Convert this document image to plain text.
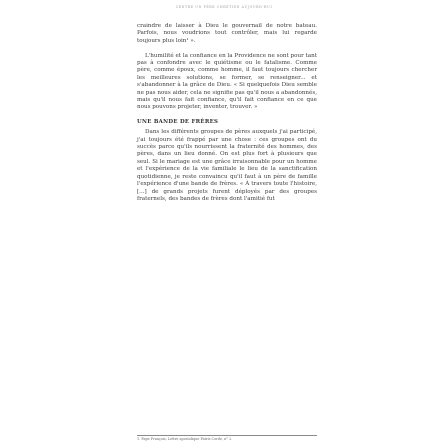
CENTRE UN PÈRE CHRÉTIEN AUJOURD'HUI

craindre de laisser à Dieu le gouvernail de notre bateau. Parfois, nous voudrions tout contrôler, mais lui regarde toujours plus loin¹ ».

L'humilité et la confiance en la Providence ne sont pour tant pas à confondre avec le quiétisme ou le fatalisme. Comme père, comme époux, comme homme, il faut toujours chercher les meilleures solutions, se former, se renseigner... et s'abandonner à la grâce de Dieu. « Si quelquefois Dieu semble ne pas nous aider, cela ne signifie pas qu'il nous a abandonnés, mais qu'il nous fait confiance, qu'il fait confiance en ce que nous pouvons projeter, inventer, trouver. »

UNE BANDE DE FRÈRES

Dans les différents groupes de pères auxquels j'ai participé, j'ai toujours été frappé par une chose : ces groupes ont du succès parce qu'ils nourrissent la fraternité des hommes, des pères, dans un lieu donné. On est plus fort à plusieurs que seul. Si le mariage est une grâce irraisonnable pour un homme et l'expérience de la vie familiale le lieu de la sanctification quotidienne, je reste convaincu qu'il faut à un père de famille l'expérience d'une bande de frères. « À travers toute l'histoire, [...] de grands projets furent déployés par des groupes fraternels, des bandes de frères dont l'amitié fut

1. Pape François, Lettre apostolique Patris Corde, n° 2.
